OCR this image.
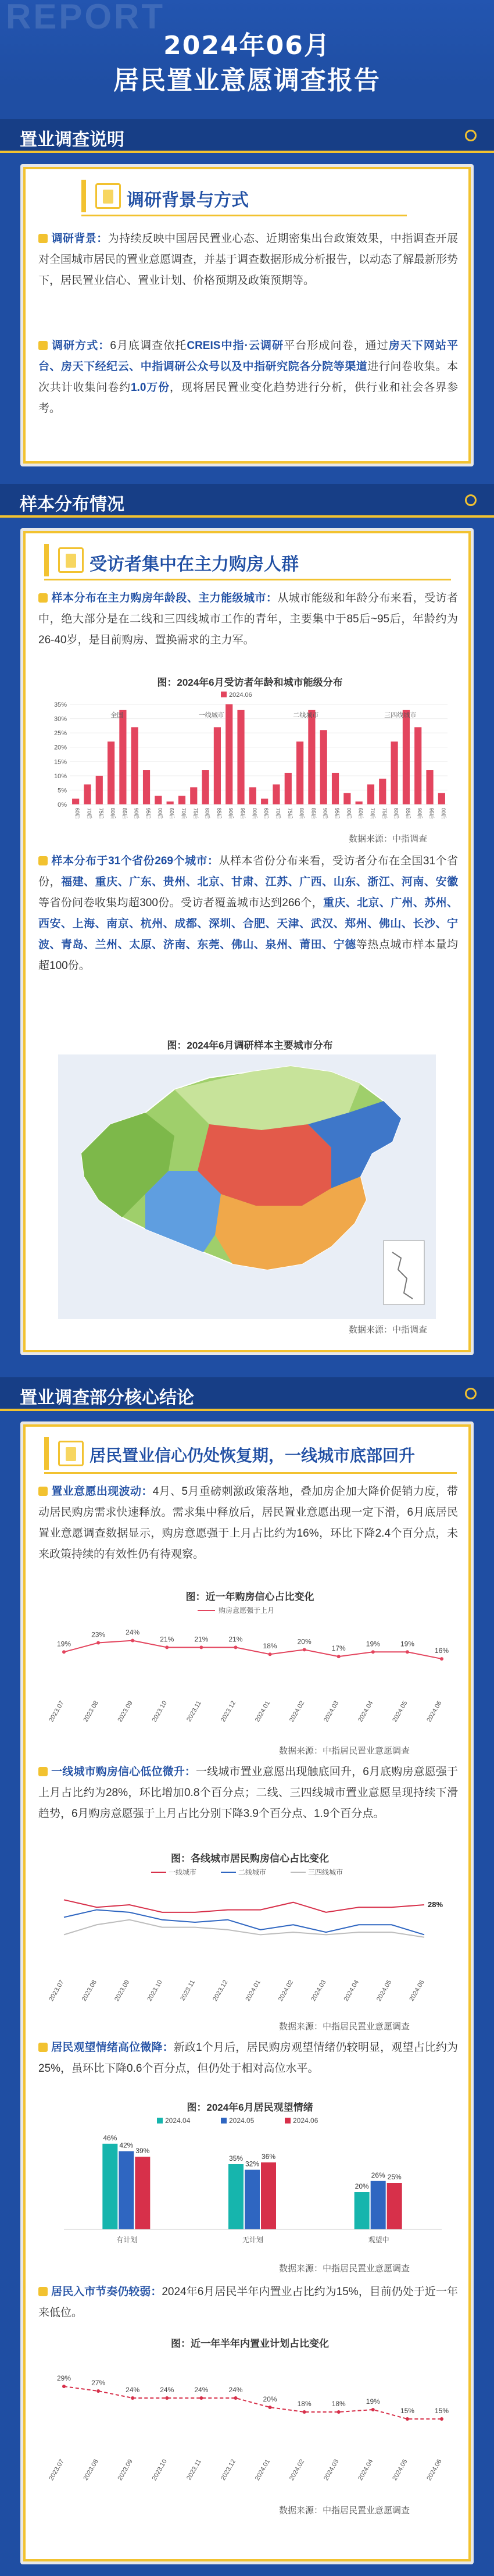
REPORT
2024年06月
居民置业意愿调查报告
置业调查说明
调研背景与方式
调研背景：为持续反映中国居民置业心态、近期密集出台政策效果，中指调查开展对全国城市居民的置业意愿调查，并基于调查数据形成分析报告，以动态了解最新形势下，居民置业信心、置业计划、价格预期及政策预期等。
调研方式：6月底调查依托CREIS中指·云调研平台形成问卷，通过房天下网站平台、房天下经纪云、中指调研公众号以及中指研究院各分院等渠道进行问卷收集。本次共计收集问卷约1.0万份，现将居民置业变化趋势进行分析，供行业和社会各界参考。
样本分布情况
受访者集中在主力购房人群
样本分布在主力购房年龄段、主力能级城市：从城市能级和年龄分布来看，受访者中，绝大部分是在二线和三四线城市工作的青年，主要集中于85后~95后，年龄约为26-40岁，是目前购房、置换需求的主力军。
图：2024年6月受访者年龄和城市能级分布
0%
5%
10%
15%
20%
25%
30%
35%
2024.06
60后 70后 75后 80后 85后 90后 95后 00后 60后 70后 75后 80后 85后 90后 95后 00后 60后 70后 75后 80后 85后 90后 95后 00后 60后 70后 75后 80后 85后 90后 95后 00后
全国	一线城市	二线城市	三四线城市
数据来源：中指调查
样本分布于31个省份269个城市：从样本省份分布来看，受访者分布在全国31个省份，福建、重庆、广东、贵州、北京、甘肃、江苏、广西、山东、浙江、河南、安徽等省份问卷收集均超300份。受访者覆盖城市达到266个，重庆、北京、广州、苏州、西安、上海、南京、杭州、成都、深圳、合肥、天津、武汉、郑州、佛山、长沙、宁波、青岛、兰州、太原、济南、东莞、佛山、泉州、莆田、宁德等热点城市样本量均超100份。
图：2024年6月调研样本主要城市分布
数据来源：中指调查
置业调查部分核心结论
居民置业信心仍处恢复期，一线城市底部回升
置业意愿出现波动：4月、5月重磅刺激政策落地，叠加房企加大降价促销力度，带动居民购房需求快速释放。需求集中释放后，居民置业意愿出现一定下滑，6月底居民置业意愿调查数据显示，购房意愿强于上月占比约为16%，环比下降2.4个百分点，未来政策持续的有效性仍有待观察。
图：近一年购房信心占比变化
购房意愿强于上月
19%
2023.07
23%
2023.08
24%
2023.09
21%
2023.10
21%
2023.11
21%
2023.12
18%
2024.01
20%
2024.02
17%
2024.03
19%
2024.04
19%
2024.05
16%
2024.06
数据来源：中指居民置业意愿调查
一线城市购房信心低位微升：一线城市置业意愿出现触底回升，6月底购房意愿强于上月占比约为28%，环比增加0.8个百分点；二线、三四线城市置业意愿呈现持续下滑趋势，6月购房意愿强于上月占比分别下降3.9个百分点、1.9个百分点。
图：各线城市居民购房信心占比变化
一线城市	二线城市	三四线城市
28%
2023.07 2023.08 2023.09 2023.10 2023.11 2023.12 2024.01 2024.02 2024.03 2024.04 2024.05 2024.06
数据来源：中指居民置业意愿调查
居民观望情绪高位微降：新政1个月后，居民购房观望情绪仍较明显，观望占比约为25%，虽环比下降0.6个百分点，但仍处于相对高位水平。
图：2024年6月居民观望情绪
2024.04	2024.05	2024.06
46%
42%
39%
有计划
35%
32%
36%
无计划
20%
26% 25%
观望中
数据来源：中指居民置业意愿调查
居民入市节奏仍较弱：2024年6月居民半年内置业占比约为15%，目前仍处于近一年来低位。
图：近一年半年内置业计划占比变化
29%
2023.07
27%
2023.08
24%
2023.09
24%
2023.10
24%
2023.11
24%
2023.12
20%
2024.01
18%
2024.02
18%
2024.03
19%
2024.04
15%
2024.05
15%
2024.06
数据来源：中指居民置业意愿调查
